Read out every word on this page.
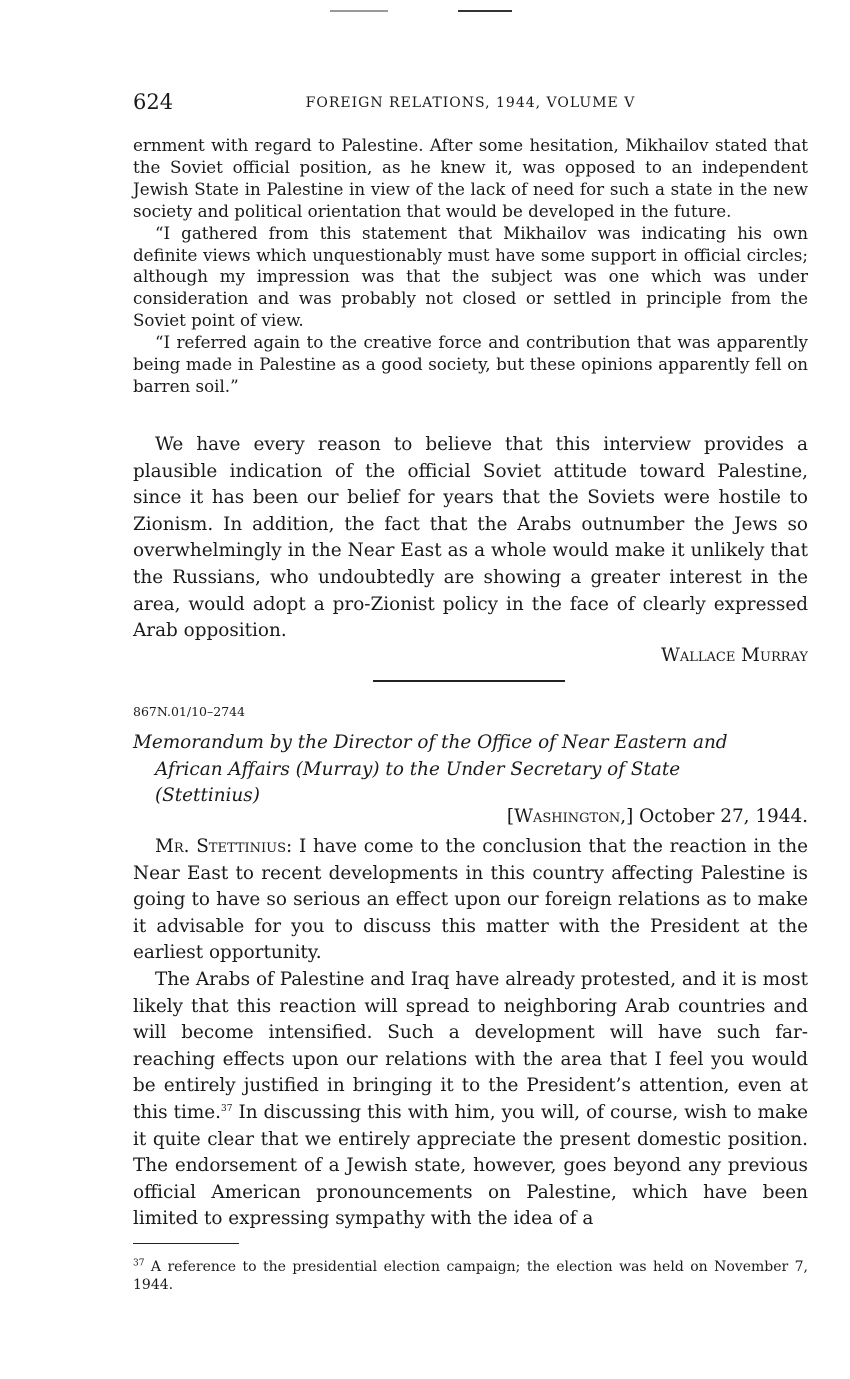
624	FOREIGN RELATIONS, 1944, VOLUME V

ernment with regard to Palestine. After some hesitation, Mikhailov stated that the Soviet official position, as he knew it, was opposed to an independent Jewish State in Palestine in view of the lack of need for such a state in the new society and political orientation that would be developed in the future.

“I gathered from this statement that Mikhailov was indicating his own definite views which unquestionably must have some support in official circles; although my impression was that the subject was one which was under consideration and was probably not closed or settled in principle from the Soviet point of view.

“I referred again to the creative force and contribution that was apparently being made in Palestine as a good society, but these opinions apparently fell on barren soil.”

We have every reason to believe that this interview provides a plausible indication of the official Soviet attitude toward Palestine, since it has been our belief for years that the Soviets were hostile to Zionism. In addition, the fact that the Arabs outnumber the Jews so overwhelmingly in the Near East as a whole would make it unlikely that the Russians, who undoubtedly are showing a greater interest in the area, would adopt a pro-Zionist policy in the face of clearly expressed Arab opposition.

Wallace Murray
867N.01/10–2744
Memorandum by the Director of the Office of Near Eastern and
African Affairs (Murray) to the Under Secretary of State
(Stettinius)
[Washington,] October 27, 1944.

Mr. Stettinius: I have come to the conclusion that the reaction in the Near East to recent developments in this country affecting Palestine is going to have so serious an effect upon our foreign relations as to make it advisable for you to discuss this matter with the President at the earliest opportunity.

The Arabs of Palestine and Iraq have already protested, and it is most likely that this reaction will spread to neighboring Arab countries and will become intensified. Such a development will have such far-reaching effects upon our relations with the area that I feel you would be entirely justified in bringing it to the President’s attention, even at this time.$^{37}$ In discussing this with him, you will, of course, wish to make it quite clear that we entirely appreciate the present domestic position. The endorsement of a Jewish state, however, goes beyond any previous official American pronouncements on Palestine, which have been limited to expressing sympathy with the idea of a

$^{37}$ A reference to the presidential election campaign; the election was held on November 7, 1944.
